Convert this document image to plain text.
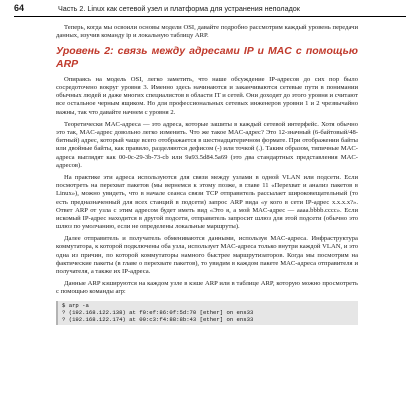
64	Часть 2. Linux как сетевой узел и платформа для устранения неполадок

Теперь, когда мы освоили основы модели OSI, давайте подробно рассмотрим каждый уровень передачи данных, изучив команду ip и локальную таблицу ARP.

Уровень 2: связь между адресами IP и MAC с помощью ARP

Опираясь на модель OSI, легко заметить, что наше обсуждение IP-адресов до сих пор было сосредоточено вокруг уровня 3. Именно здесь начинаются и заканчиваются сетевые пути в понимании обычных людей и даже многих специалистов в области IT и сетей. Они доходят до этого уровня и считают все остальное черным ящиком. Но для профессиональных сетевых инженеров уровни 1 и 2 чрезвычайно важны, так что давайте начнем с уровня 2.

Теоретически MAC-адреса — это адреса, которые зашиты в каждый сетевой интерфейс. Хотя обычно это так, MAC-адрес довольно легко изменить. Что же такое MAC-адрес? Это 12-значный (6-байтовый/48-битный) адрес, который чаще всего отображается в шестнадцатеричном формате. При отображении байты или двойные байты, как правило, разделяются дефисом (-) или точкой (.). Таким образом, типичные MAC-адреса выглядят как 00-0c-29-3b-73-cb или 9a93.5d84.5a69 (это два стандартных представления MAC-адресов).

На практике эти адреса используются для связи между узлами в одной VLAN или подсети. Если посмотреть на перехват пакетов (мы вернемся к этому позже, в главе 11 «Перехват и анализ пакетов в Linux»), можно увидеть, что в начале сеанса связи TCP отправитель рассылает широковещательный (то есть предназначенный для всех станций в подсети) запрос ARP вида «у кого в сети IP-адрес x.x.x.x?». Ответ ARP от узла с этим адресом будет иметь вид «Это я, а мой MAC-адрес — aaaa.bbbb.cccc». Если искомый IP-адрес находится в другой подсети, отправитель запросит шлюз для этой подсети (обычно это шлюз по умолчанию, если не определены локальные маршруты).

Далее отправитель и получатель обмениваются данными, используя MAC-адреса. Инфраструктура коммутатора, к которой подключены оба узла, использует MAC-адреса только внутри каждой VLAN, и это одна из причин, по которой коммутаторы намного быстрее маршрутизаторов. Когда мы посмотрим на фактические пакеты (в главе о перехвате пакетов), то увидим в каждом пакете MAC-адреса отправителя и получателя, а также их IP-адреса.

Данные ARP кэшируются на каждом узле в кэше ARP или в таблице ARP, которую можно просмотреть с помощью команды arp:

$ arp -a
? (192.168.122.138) at f0:ef:86:0f:5d:70 [ether] on ens33
? (192.168.122.174) at 00:c3:f4:88:8b:43 [ether] on ens33
